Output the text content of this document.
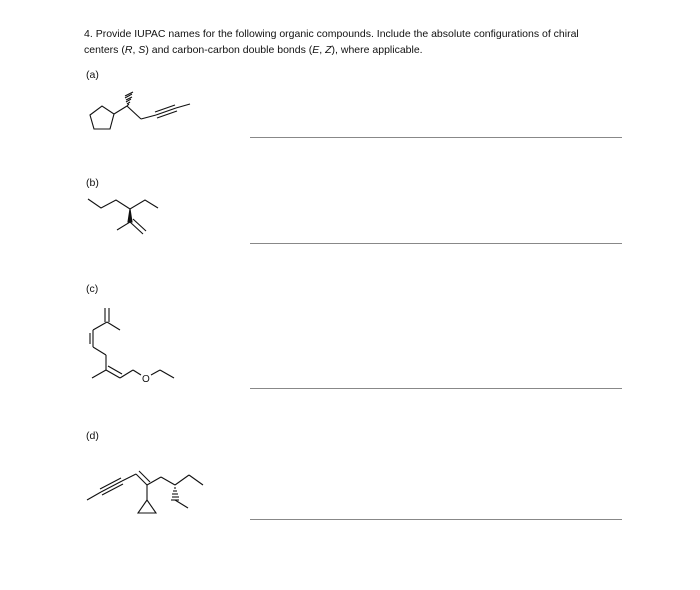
4. Provide IUPAC names for the following organic compounds. Include the absolute configurations of chiral

centers (R, S) and carbon-carbon double bonds (E, Z), where applicable.

(a)
(b)
(c)
(d)
O
